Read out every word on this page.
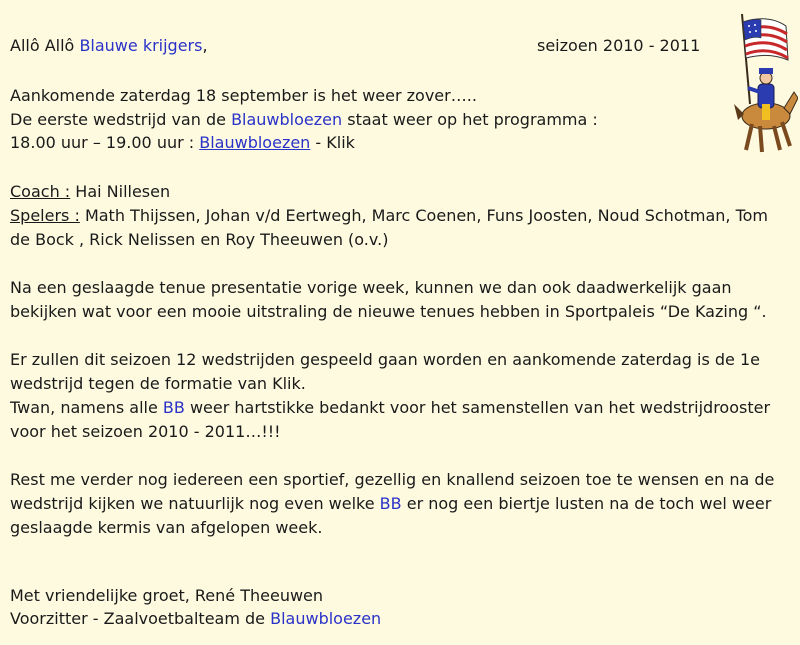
Allô Allô Blauwe krijgers,	seizoen 2010 - 2011
Aankomende zaterdag 18 september is het weer zover…..
De eerste wedstrijd van de Blauwbloezen staat weer op het programma :
18.00 uur – 19.00 uur : Blauwbloezen - Klik
Coach : Hai Nillesen
Spelers : Math Thijssen, Johan v/d Eertwegh, Marc Coenen, Funs Joosten, Noud Schotman, Tom
de Bock , Rick Nelissen en Roy Theeuwen (o.v.)
Na een geslaagde tenue presentatie vorige week, kunnen we dan ook daadwerkelijk gaan
bekijken wat voor een mooie uitstraling de nieuwe tenues hebben in Sportpaleis “De Kazing “.
Er zullen dit seizoen 12 wedstrijden gespeeld gaan worden en aankomende zaterdag is de 1e
wedstrijd tegen de formatie van Klik.
Twan, namens alle BB weer hartstikke bedankt voor het samenstellen van het wedstrijdrooster
voor het seizoen 2010 - 2011…!!!
Rest me verder nog iedereen een sportief, gezellig en knallend seizoen toe te wensen en na de
wedstrijd kijken we natuurlijk nog even welke BB er nog een biertje lusten na de toch wel weer
geslaagde kermis van afgelopen week.
Met vriendelijke groet, René Theeuwen
Voorzitter - Zaalvoetbalteam de Blauwbloezen
